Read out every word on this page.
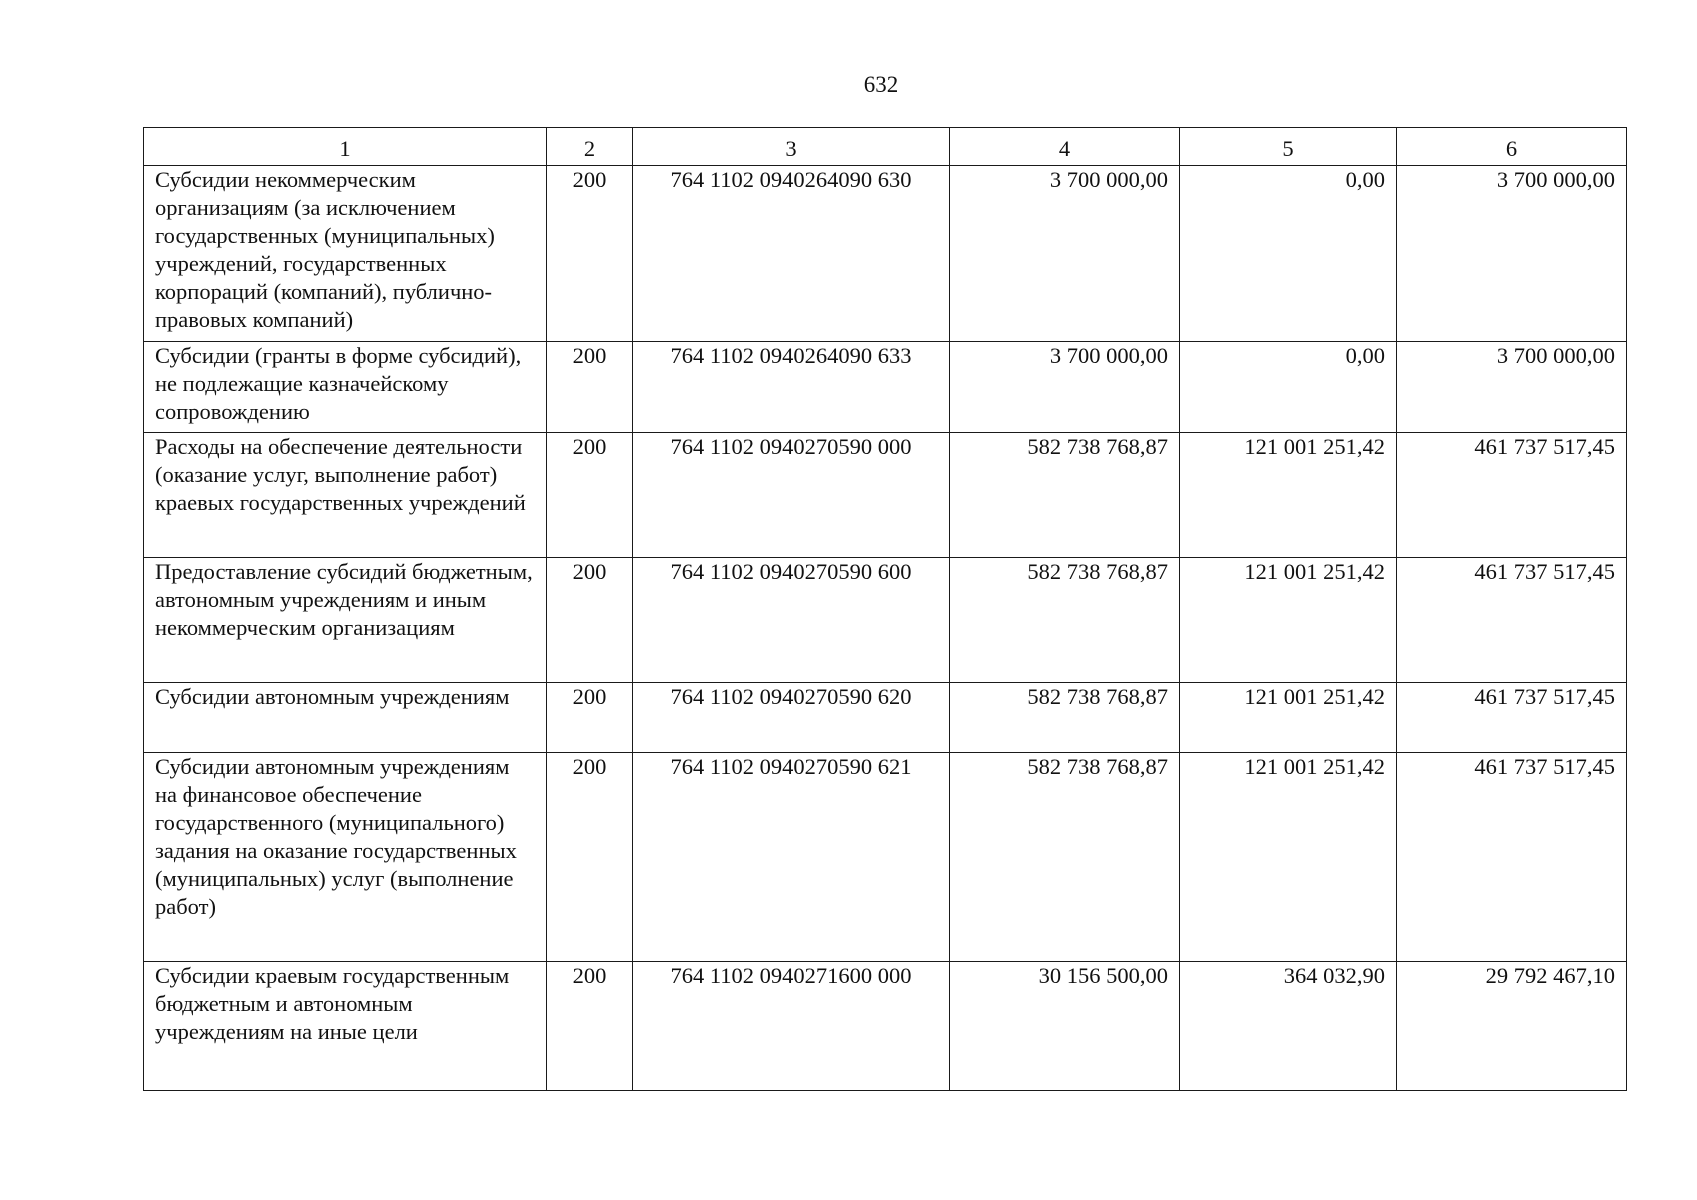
632
1	2	3	4	5	6
Субсидии некоммерческим организациям (за исключением государственных (муниципальных) учреждений, государственных корпораций (компаний), публично-правовых компаний)	200	764 1102 0940264090 630	3 700 000,00	0,00	3 700 000,00
Субсидии (гранты в форме субсидий), не подлежащие казначейскому сопровождению	200	764 1102 0940264090 633	3 700 000,00	0,00	3 700 000,00
Расходы на обеспечение деятельности (оказание услуг, выполнение работ) краевых государственных учреждений	200	764 1102 0940270590 000	582 738 768,87	121 001 251,42	461 737 517,45
Предоставление субсидий бюджетным, автономным учреждениям и иным некоммерческим организациям	200	764 1102 0940270590 600	582 738 768,87	121 001 251,42	461 737 517,45
Субсидии автономным учреждениям	200	764 1102 0940270590 620	582 738 768,87	121 001 251,42	461 737 517,45
Субсидии автономным учреждениям на финансовое обеспечение государственного (муниципального) задания на оказание государственных (муниципальных) услуг (выполнение работ)	200	764 1102 0940270590 621	582 738 768,87	121 001 251,42	461 737 517,45
Субсидии краевым государственным бюджетным и автономным учреждениям на иные цели	200	764 1102 0940271600 000	30 156 500,00	364 032,90	29 792 467,10
